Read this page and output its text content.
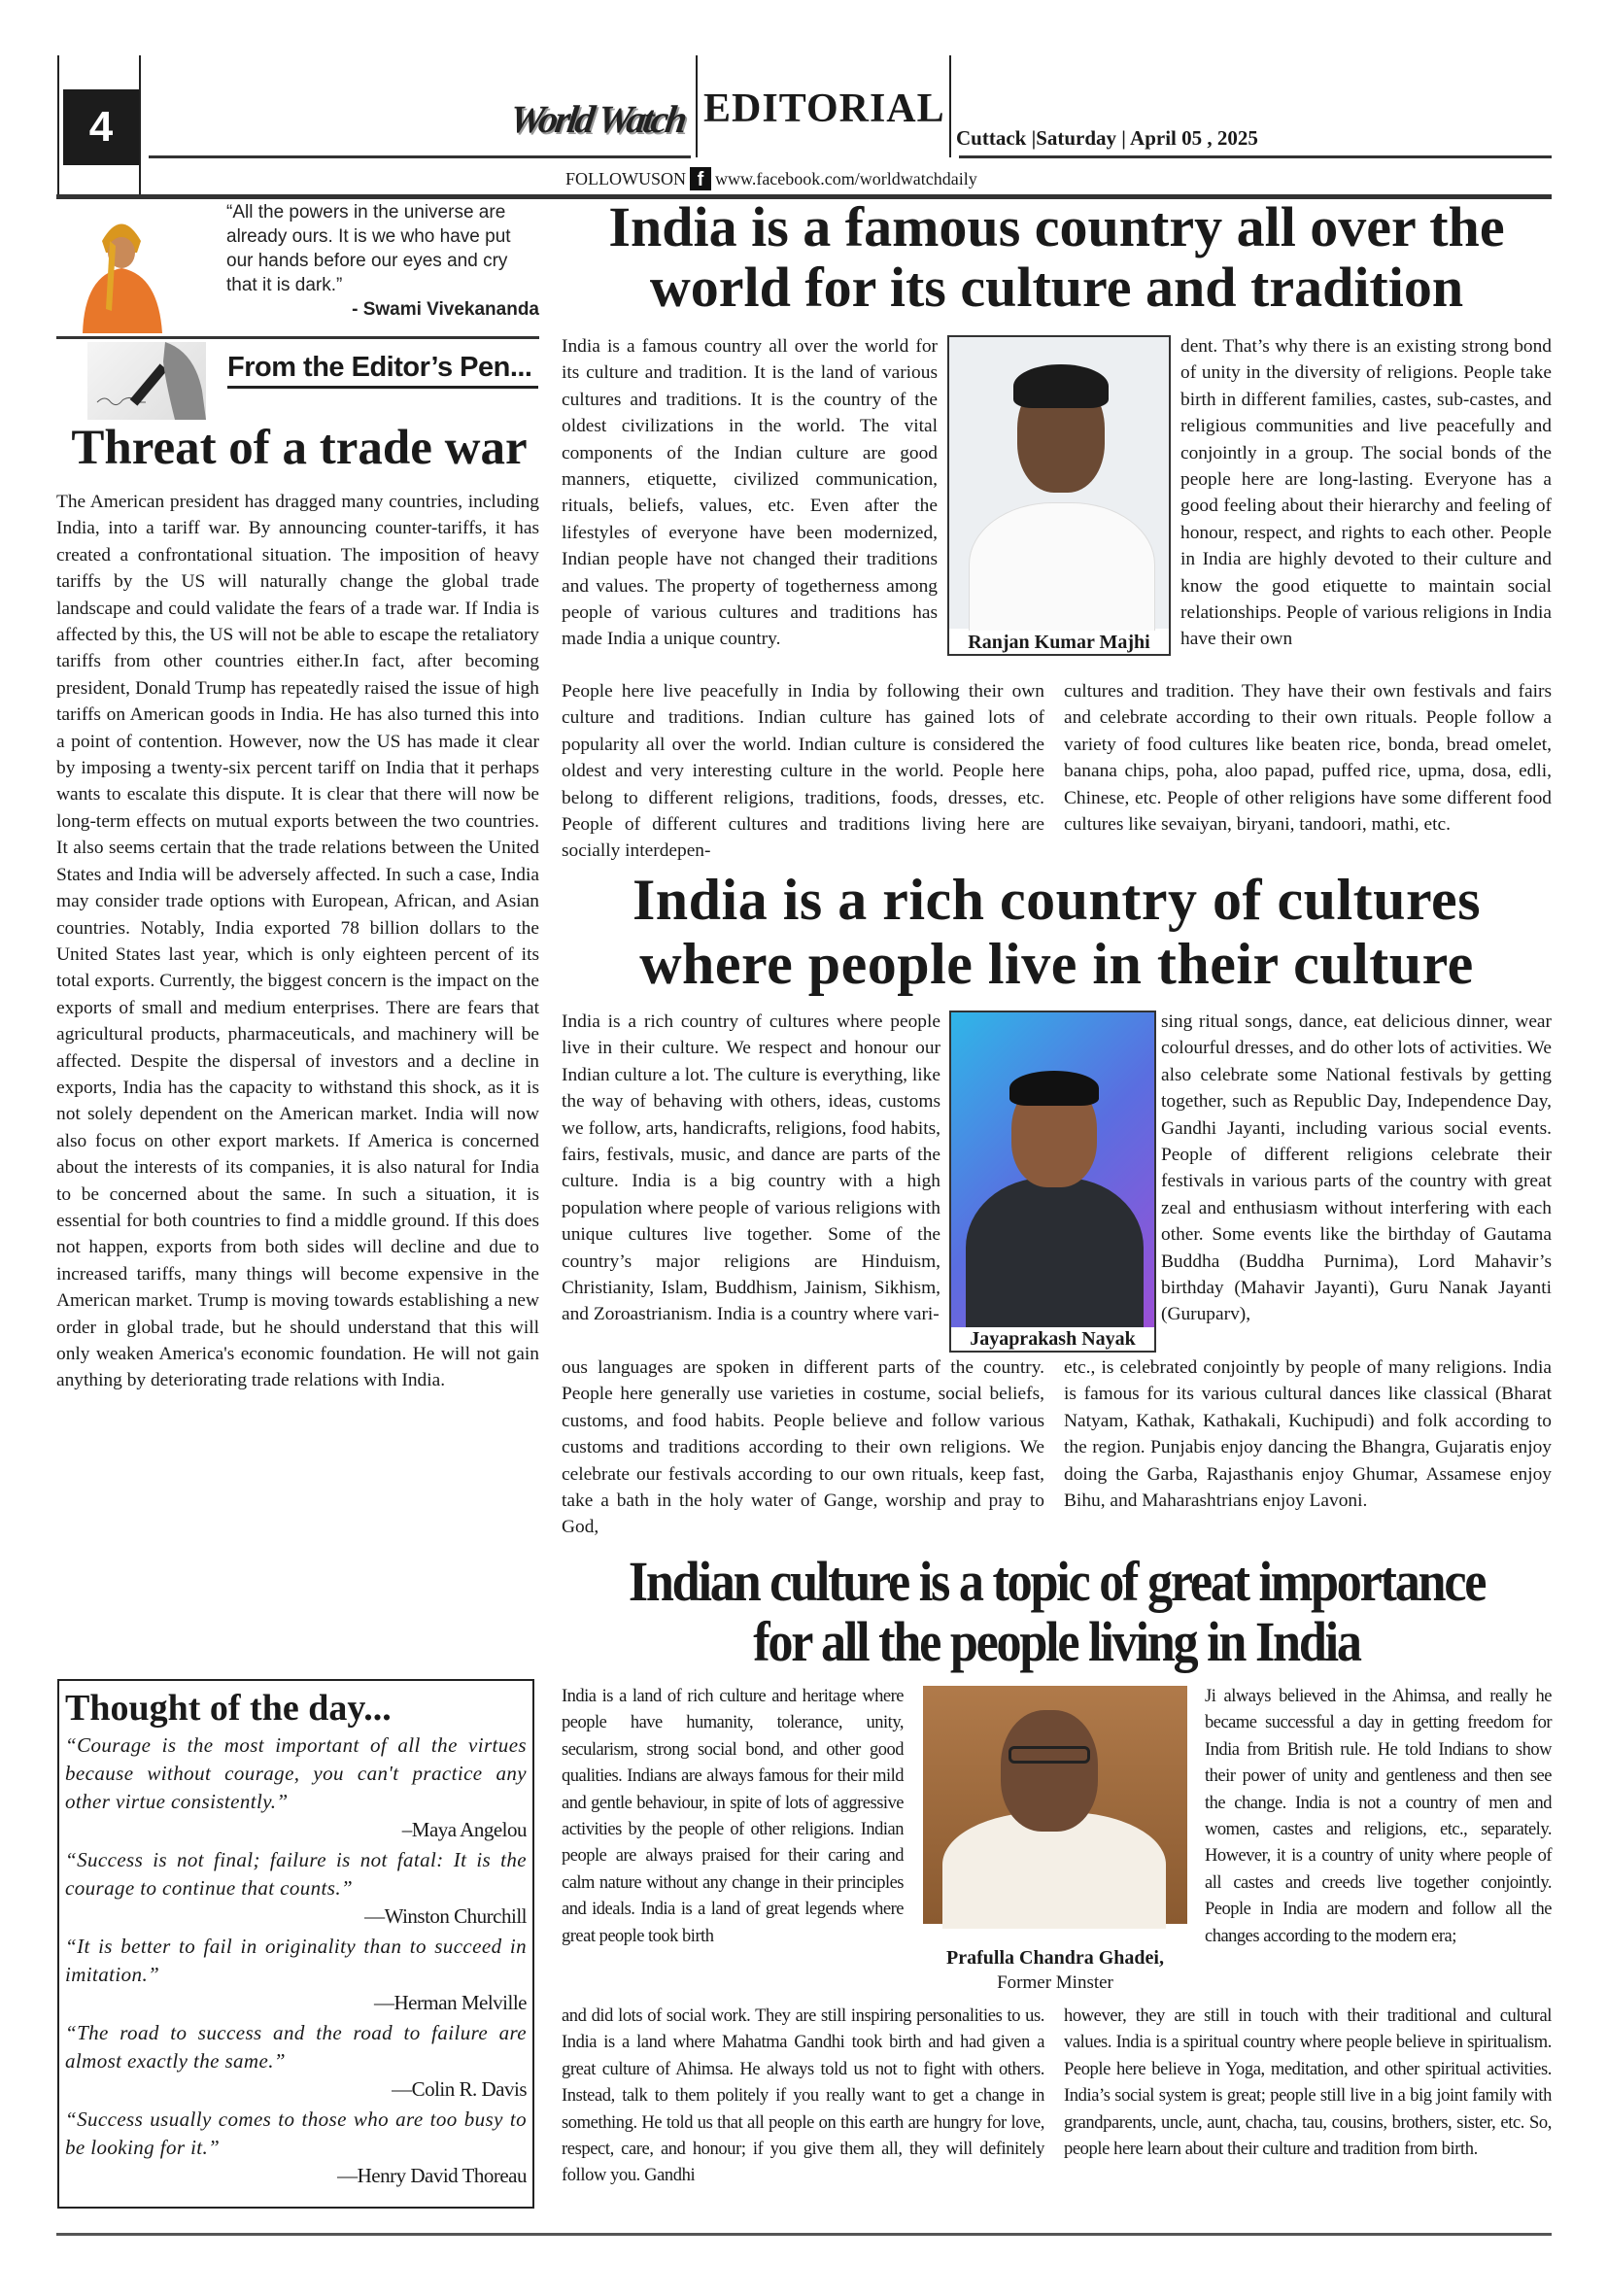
4	World Watch EDITORIAL
Cuttack |Saturday | April 05 , 2025
FOLLOWUSON f www.facebook.com/worldwatchdaily
“All the powers in the universe are already ours. It is we who have put our hands before our eyes and cry that it is dark.”
- Swami Vivekananda
From the Editor’s Pen...
Threat of a trade war
The American president has dragged many countries, including India, into a tariff war. By announcing counter-tariffs, it has created a confrontational situation. The imposition of heavy tariffs by the US will naturally change the global trade landscape and could validate the fears of a trade war. If India is affected by this, the US will not be able to escape the retaliatory tariffs from other countries either.In fact, after becoming president, Donald Trump has repeatedly raised the issue of high tariffs on American goods in India. He has also turned this into a point of contention. However, now the US has made it clear by imposing a twenty-six percent tariff on India that it perhaps wants to escalate this dispute. It is clear that there will now be long-term effects on mutual exports between the two countries. It also seems certain that the trade relations between the United States and India will be adversely affected. In such a case, India may consider trade options with European, African, and Asian countries. Notably, India exported 78 billion dollars to the United States last year, which is only eighteen percent of its total exports. Currently, the biggest concern is the impact on the exports of small and medium enterprises. There are fears that agricultural products, pharmaceuticals, and machinery will be affected. Despite the dispersal of investors and a decline in exports, India has the capacity to withstand this shock, as it is not solely dependent on the American market. India will now also focus on other export markets. If America is concerned about the interests of its companies, it is also natural for India to be concerned about the same. In such a situation, it is essential for both countries to find a middle ground. If this does not happen, exports from both sides will decline and due to increased tariffs, many things will become expensive in the American market. Trump is moving towards establishing a new order in global trade, but he should understand that this will only weaken America's economic foundation. He will not gain anything by deteriorating trade relations with India.
Thought of the day...

“Courage is the most important of all the virtues because without courage, you can't practice any other virtue consistently.”

–Maya Angelou

“Success is not final; failure is not fatal: It is the courage to continue that counts.”

—Winston Churchill

“It is better to fail in originality than to succeed in imitation.”

—Herman Melville

“The road to success and the road to failure are almost exactly the same.”

—Colin R. Davis

“Success usually comes to those who are too busy to be looking for it.”

—Henry David Thoreau

India is a famous country all over the
world for its culture and tradition
India is a famous country all over the world for its culture and tradition. It is the land of various cultures and traditions. It is the country of the oldest civilizations in the world. The vital components of the Indian culture are good manners, etiquette, civilized communication, rituals, beliefs, values, etc. Even after the lifestyles of everyone have been modernized, Indian people have not changed their traditions and values. The property of togetherness among people of various cultures and traditions has made India a unique country.	Ranjan Kumar Majhi
dent. That’s why there is an existing strong bond of unity in the diversity of religions. People take birth in different families, castes, sub-castes, and religious communities and live peacefully and conjointly in a group. The social bonds of the people here are long-lasting. Everyone has a good feeling about their hierarchy and feeling of honour, respect, and rights to each other. People in India are highly devoted to their culture and know the good etiquette to maintain social relationships. People of various religions in India have their own
People here live peacefully in India by following their own culture and traditions. Indian culture has gained lots of popularity all over the world. Indian culture is considered the oldest and very interesting culture in the world. People here belong to different religions, traditions, foods, dresses, etc. People of different cultures and traditions living here are socially interdepen-
cultures and tradition. They have their own festivals and fairs and celebrate according to their own rituals. People follow a variety of food cultures like beaten rice, bonda, bread omelet, banana chips, poha, aloo papad, puffed rice, upma, dosa, edli, Chinese, etc. People of other religions have some different food cultures like sevaiyan, biryani, tandoori, mathi, etc.
India is a rich country of cultures
where people live in their culture
India is a rich country of cultures where people live in their culture. We respect and honour our Indian culture a lot. The culture is everything, like the way of behaving with others, ideas, customs we follow, arts, handicrafts, religions, food habits, fairs, festivals, music, and dance are parts of the culture. India is a big country with a high population where people of various religions with unique cultures live together. Some of the country’s major religions are Hinduism, Christianity, Islam, Buddhism, Jainism, Sikhism, and Zoroastrianism. India is a country where vari-
Jayaprakash Nayak
sing ritual songs, dance, eat delicious dinner, wear colourful dresses, and do other lots of activities. We also celebrate some National festivals by getting together, such as Republic Day, Independence Day, Gandhi Jayanti, including various social events. People of different religions celebrate their festivals in various parts of the country with great zeal and enthusiasm without interfering with each other. Some events like the birthday of Gautama Buddha (Buddha Purnima), Lord Mahavir’s birthday (Mahavir Jayanti), Guru Nanak Jayanti (Guruparv),
ous languages are spoken in different parts of the country. People here generally use varieties in costume, social beliefs, customs, and food habits. People believe and follow various customs and traditions according to their own religions. We celebrate our festivals according to our own rituals, keep fast, take a bath in the holy water of Gange, worship and pray to God,
etc., is celebrated conjointly by people of many religions. India is famous for its various cultural dances like classical (Bharat Natyam, Kathak, Kathakali, Kuchipudi) and folk according to the region. Punjabis enjoy dancing the Bhangra, Gujaratis enjoy doing the Garba, Rajasthanis enjoy Ghumar, Assamese enjoy Bihu, and Maharashtrians enjoy Lavoni.
Indian culture is a topic of great importance
for all the people living in India
India is a land of rich culture and heritage where people have humanity, tolerance, unity, secularism, strong social bond, and other good qualities. Indians are always famous for their mild and gentle behaviour, in spite of lots of aggressive activities by the people of other religions. Indian people are always praised for their caring and calm nature without any change in their principles and ideals. India is a land of great legends where great people took birth
Prafulla Chandra Ghadei,
Former Minster
Ji always believed in the Ahimsa, and really he became successful a day in getting freedom for India from British rule. He told Indians to show their power of unity and gentleness and then see the change. India is not a country of men and women, castes and religions, etc., separately. However, it is a country of unity where people of all castes and creeds live together conjointly. People in India are modern and follow all the changes according to the modern era;
and did lots of social work. They are still inspiring personalities to us. India is a land where Mahatma Gandhi took birth and had given a great culture of Ahimsa. He always told us not to fight with others. Instead, talk to them politely if you really want to get a change in something. He told us that all people on this earth are hungry for love, respect, care, and honour; if you give them all, they will definitely follow you. Gandhi
however, they are still in touch with their traditional and cultural values. India is a spiritual country where people believe in spiritualism. People here believe in Yoga, meditation, and other spiritual activities. India’s social system is great; people still live in a big joint family with grandparents, uncle, aunt, chacha, tau, cousins, brothers, sister, etc. So, people here learn about their culture and tradition from birth.
